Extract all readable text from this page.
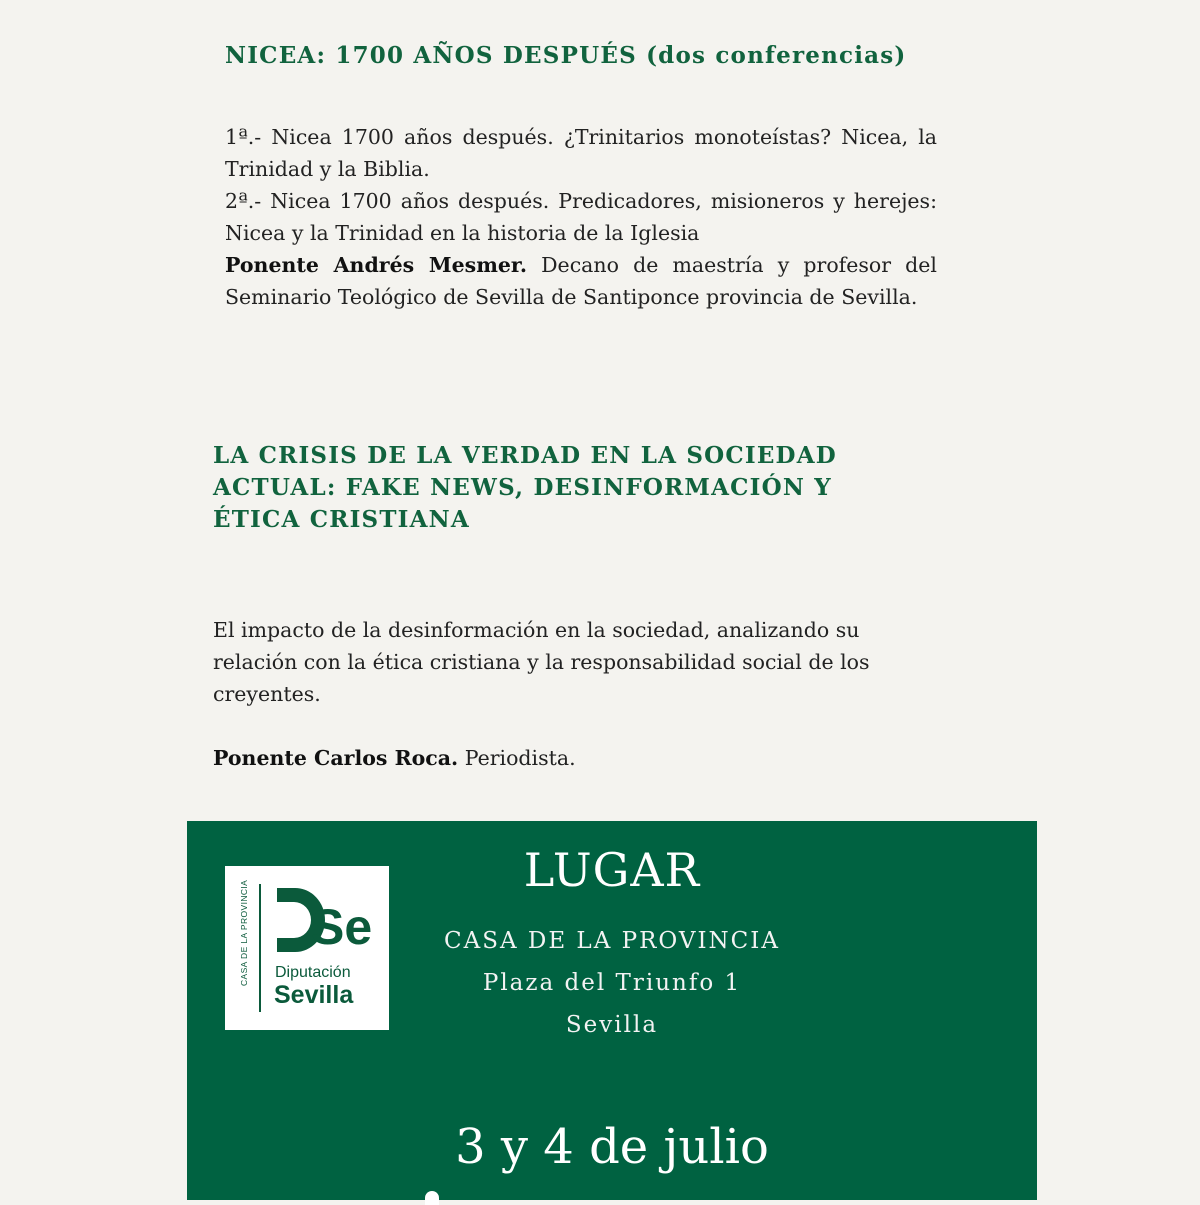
NICEA: 1700 AÑOS DESPUÉS (dos conferencias)

1ª.- Nicea 1700 años después. ¿Trinitarios monoteístas? Nicea, la Trinidad y la Biblia.

2ª.- Nicea 1700 años después. Predicadores, misioneros y herejes: Nicea y la Trinidad en la historia de la Iglesia

Ponente Andrés Mesmer. Decano de maestría y profesor del Seminario Teológico de Sevilla de Santiponce provincia de Sevilla.

LA CRISIS DE LA VERDAD EN LA SOCIEDAD ACTUAL: FAKE NEWS, DESINFORMACIÓN Y ÉTICA CRISTIANA

El impacto de la desinformación en la sociedad, analizando su relación con la ética cristiana y la responsabilidad social de los creyentes.

Ponente Carlos Roca. Periodista.

CASA DE LA PROVINCIA Se
Diputación
Sevilla
LUGAR
CASA DE LA PROVINCIA
Plaza del Triunfo 1
Sevilla
3 y 4 de julio
